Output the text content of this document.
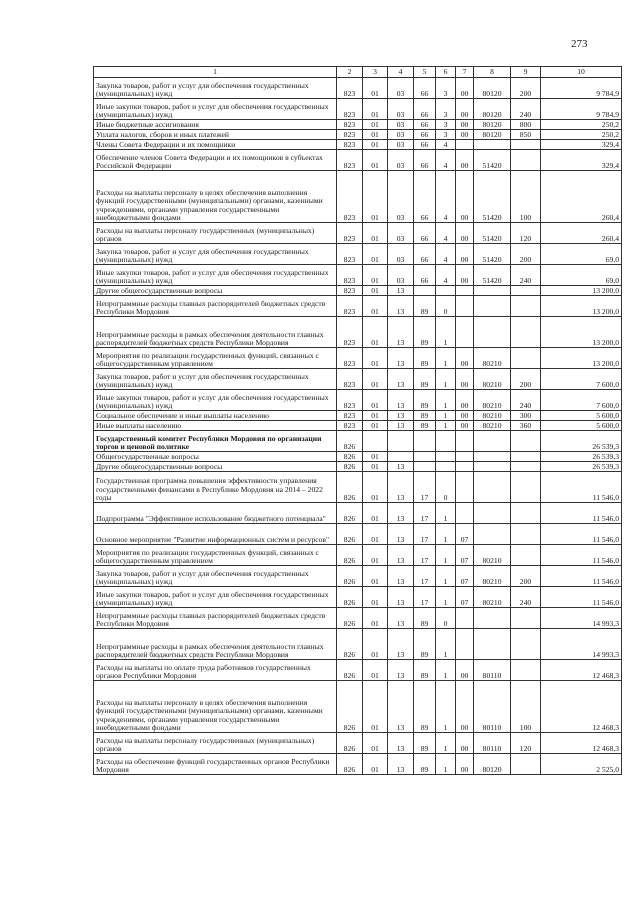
273
1	2	3	4	5	6	7	8	9	10
Закупка товаров, работ и услуг для обеспечения государственных (муниципальных) нужд	823	01	03	66	3	00	80120	200	9 784,9
Иные закупки товаров, работ и услуг для обеспечения государственных (муниципальных) нужд	823	01	03	66	3	00	80120	240	9 784,9
Иные бюджетные ассигнования	823	01	03	66	3	00	80120	800	250,2
Уплата налогов, сборов и иных платежей	823	01	03	66	3	00	80120	850	250,2
Члены Совета Федерации и их помощники	823	01	03	66	4				329,4
Обеспечение членов Совета Федерации и их помощников в субъектах Российской Федерации	823	01	03	66	4	00	51420		329,4
Расходы на выплаты персоналу в целях обеспечения выполнения функций государственными (муниципальными) органами, казенными учреждениями, органами управления государственными внебюджетными фондами	823	01	03	66	4	00	51420	100	260,4
Расходы на выплаты персоналу государственных (муниципальных) органов	823	01	03	66	4	00	51420	120	260,4
Закупка товаров, работ и услуг для обеспечения государственных (муниципальных) нужд	823	01	03	66	4	00	51420	200	69,0
Иные закупки товаров, работ и услуг для обеспечения государственных (муниципальных) нужд	823	01	03	66	4	00	51420	240	69,0
Другие общегосударственные вопросы	823	01	13						13 200,0
Непрограммные расходы главных распорядителей бюджетных средств Республики Мордовия	823	01	13	89	0				13 200,0
Непрограммные расходы в рамках обеспечения деятельности главных распорядителей бюджетных средств Республики Мордовия	823	01	13	89	1				13 200,0
Мероприятия по реализации государственных функций, связанных с общегосударственным управлением	823	01	13	89	1	00	80210		13 200,0
Закупка товаров, работ и услуг для обеспечения государственных (муниципальных) нужд	823	01	13	89	1	00	80210	200	7 600,0
Иные закупки товаров, работ и услуг для обеспечения государственных (муниципальных) нужд	823	01	13	89	1	00	80210	240	7 600,0
Социальное обеспечение и иные выплаты населению	823	01	13	89	1	00	80210	300	5 600,0
Иные выплаты населению	823	01	13	89	1	00	80210	360	5 600,0
Государственный комитет Республики Мордовия по организации торгов и ценовой политике	826								26 539,3
Общегосударственные вопросы	826	01							26 539,3
Другие общегосударственные вопросы	826	01	13						26 539,3
Государственная программа повышения эффективности управления государственными финансами в Республике Мордовия на 2014 – 2022 годы	826	01	13	17	0				11 546,0
Подпрограмма "Эффективное использование бюджетного потенциала"	826	01	13	17	1				11 546,0
Основное мероприятие "Развитие информационных систем и ресурсов"	826	01	13	17	1	07			11 546,0
Мероприятия по реализации государственных функций, связанных с общегосударственным управлением	826	01	13	17	1	07	80210		11 546,0
Закупка товаров, работ и услуг для обеспечения государственных (муниципальных) нужд	826	01	13	17	1	07	80210	200	11 546,0
Иные закупки товаров, работ и услуг для обеспечения государственных (муниципальных) нужд	826	01	13	17	1	07	80210	240	11 546,0
Непрограммные расходы главных распорядителей бюджетных средств Республики Мордовия	826	01	13	89	0				14 993,3
Непрограммные расходы в рамках обеспечения деятельности главных распорядителей бюджетных средств Республики Мордовия	826	01	13	89	1				14 993,3
Расходы на выплаты по оплате труда работников государственных органов Республики Мордовия	826	01	13	89	1	00	80110		12 468,3
Расходы на выплаты персоналу в целях обеспечения выполнения функций государственными (муниципальными) органами, казенными учреждениями, органами управления государственными внебюджетными фондами	826	01	13	89	1	00	80110	100	12 468,3
Расходы на выплаты персоналу государственных (муниципальных) органов	826	01	13	89	1	00	80110	120	12 468,3
Расходы на обеспечение функций государственных органов Республики Мордовия	826	01	13	89	1	00	80120		2 525,0
